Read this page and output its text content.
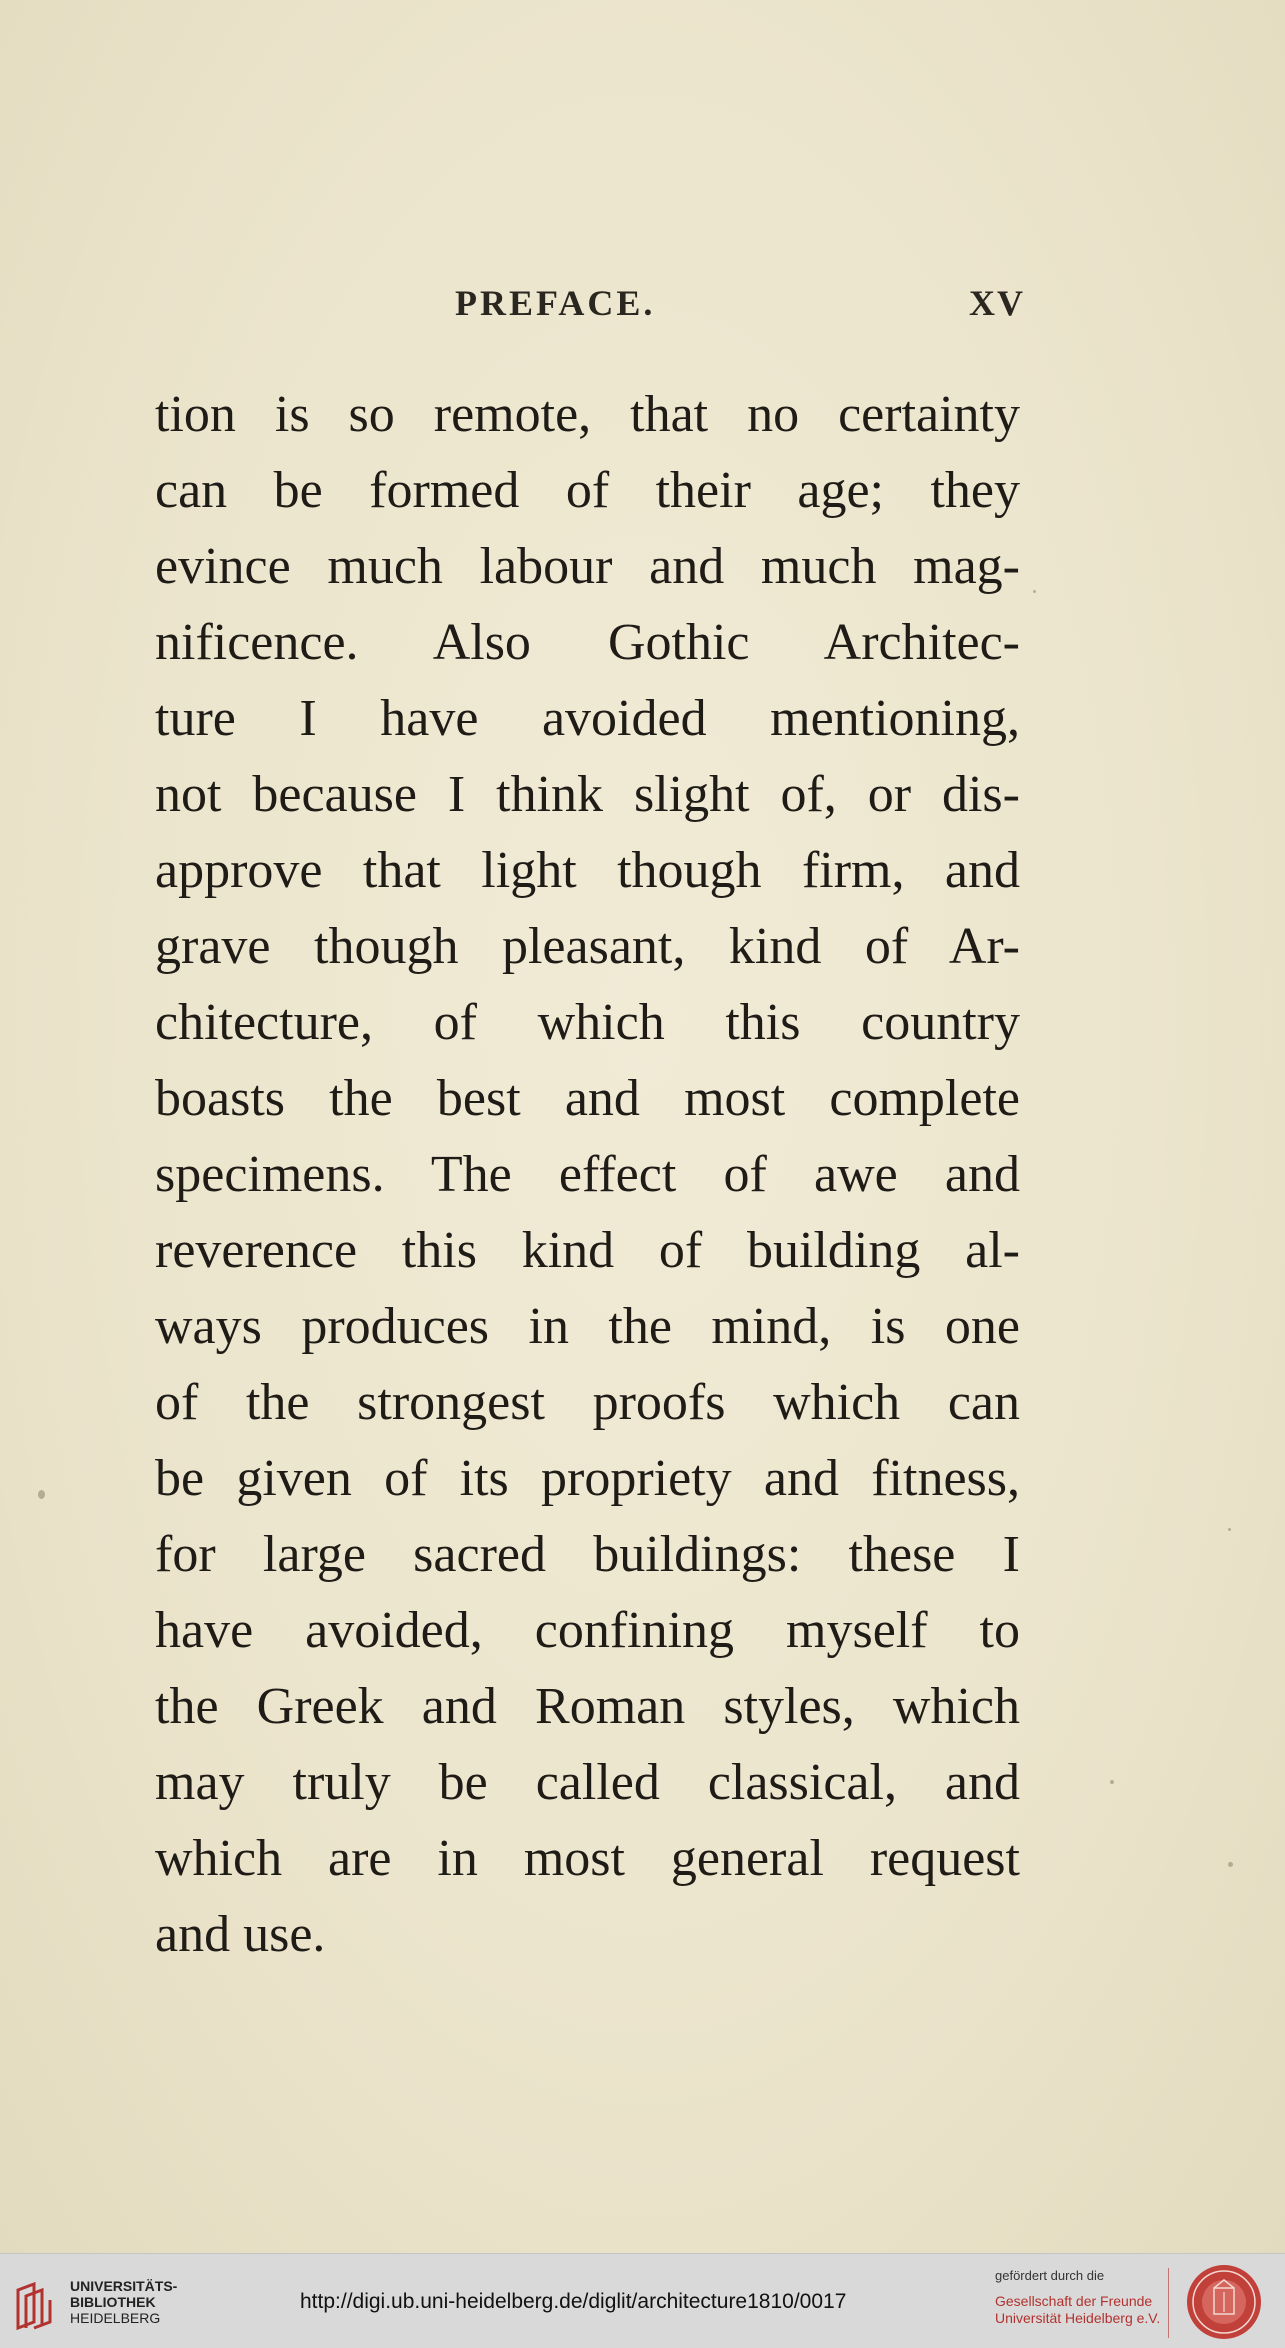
PREFACE.	XV
tion is so remote, that no certainty
can be formed of their age; they
evince much labour and much mag-
nificence. Also Gothic Architec-
ture I have avoided mentioning,
not because I think slight of, or dis-
approve that light though firm, and
grave though pleasant, kind of Ar-
chitecture, of which this country
boasts the best and most complete
specimens. The effect of awe and
reverence this kind of building al-
ways produces in the mind, is one
of the strongest proofs which can
be given of its propriety and fitness,
for large sacred buildings: these I
have avoided, confining myself to
the Greek and Roman styles, which
may truly be called classical, and
which are in most general request
and use.
UNIVERSITÄTS-
BIBLIOTHEK
HEIDELBERG
http://digi.ub.uni-heidelberg.de/diglit/architecture1810/0017
gefördert durch die
Gesellschaft der Freunde
Universität Heidelberg e.V.
